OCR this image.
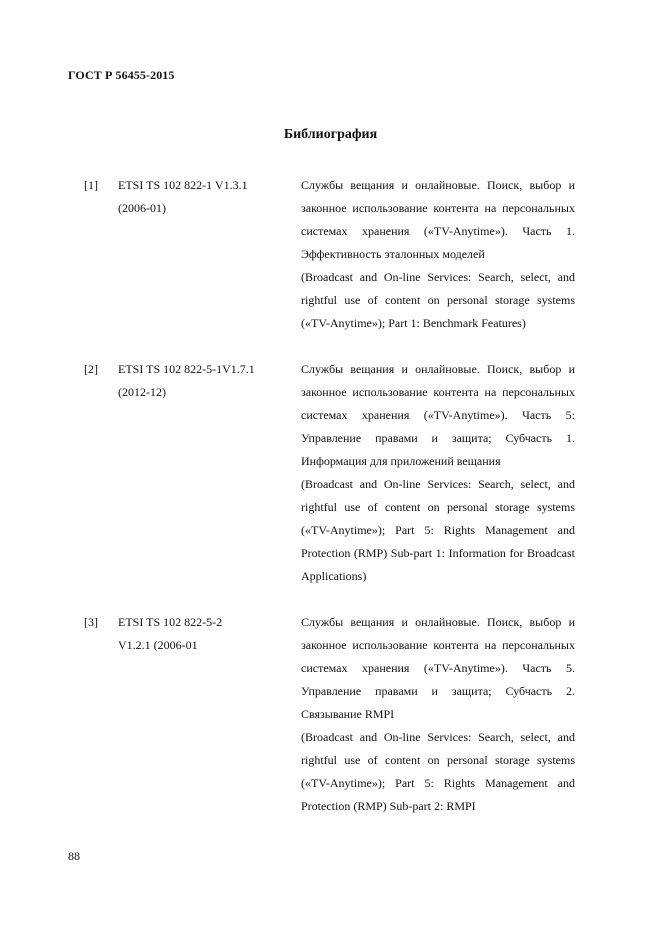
ГОСТ Р 56455-2015
Библиография
[1]	ETSI TS 102 822-1 V1.3.1
(2006-01)

Службы вещания и онлайновые. Поиск, выбор и законное использование контента на персональных системах хранения («TV-Anytime»). Часть 1. Эффективность эталонных моделей

(Broadcast and On-line Services: Search, select, and rightful use of content on personal storage systems («TV-Anytime»); Part 1: Benchmark Features)

[2]	ETSI TS 102 822-5-1V1.7.1
(2012-12)

Службы вещания и онлайновые. Поиск, выбор и законное использование контента на персональных системах хранения («TV-Anytime»). Часть 5: Управление правами и защита; Субчасть 1. Информация для приложений вещания

(Broadcast and On-line Services: Search, select, and rightful use of content on personal storage systems («TV-Anytime»); Part 5: Rights Management and Protection (RMP) Sub-part 1: Information for Broadcast Applications)

[3]	ETSI TS 102 822-5-2
V1.2.1 (2006-01

Службы вещания и онлайновые. Поиск, выбор и законное использование контента на персональных системах хранения («TV-Anytime»). Часть 5. Управление правами и защита; Субчасть 2. Связывание RMPI

(Broadcast and On-line Services: Search, select, and rightful use of content on personal storage systems («TV-Anytime»); Part 5: Rights Management and Protection (RMP) Sub-part 2: RMPI

88
